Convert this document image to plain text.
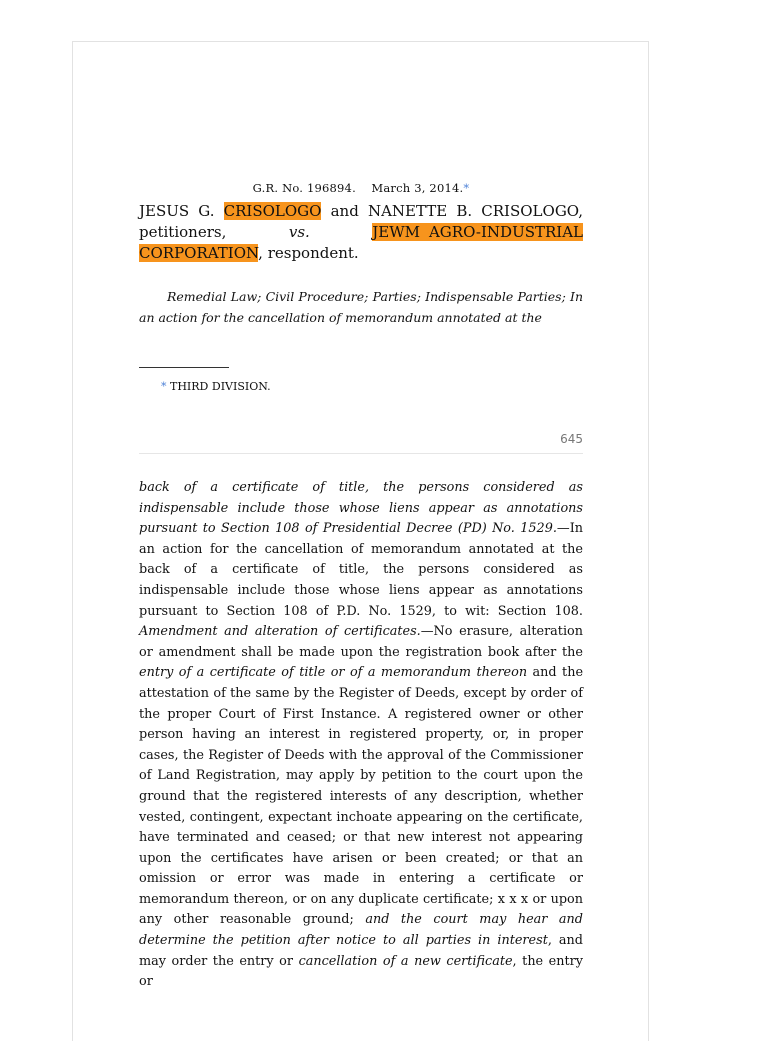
G.R. No. 196894. March 3, 2014.*
JESUS G. CRISOLOGO and NANETTE B. CRISOLOGO, petitioners,	vs.	JEWM AGRO-INDUSTRIAL CORPORATION, respondent.
Remedial Law; Civil Procedure; Parties; Indispensable Parties; In an action for the cancellation of memorandum annotated at the
* THIRD DIVISION.
645
back of a certificate of title, the persons considered as indispensable include those whose liens appear as annotations pursuant to Section 108 of Presidential Decree (PD) No. 1529.—In an action for the cancellation of memorandum annotated at the back of a certificate of title, the persons considered as indispensable include those whose liens appear as annotations pursuant to Section 108 of P.D. No. 1529, to wit: Section 108. Amendment and alteration of certificates.—No erasure, alteration or amendment shall be made upon the registration book after the entry of a certificate of title or of a memorandum thereon and the attestation of the same by the Register of Deeds, except by order of the proper Court of First Instance. A registered owner or other person having an interest in registered property, or, in proper cases, the Register of Deeds with the approval of the Commissioner of Land Registration, may apply by petition to the court upon the ground that the registered interests of any description, whether vested, contingent, expectant inchoate appearing on the certificate, have terminated and ceased; or that new interest not appearing upon the certificates have arisen or been created; or that an omission or error was made in entering a certificate or memorandum thereon, or on any duplicate certificate; x x x or upon any other reasonable ground; and the court may hear and determine the petition after notice to all parties in interest, and may order the entry or cancellation of a new certificate, the entry or
